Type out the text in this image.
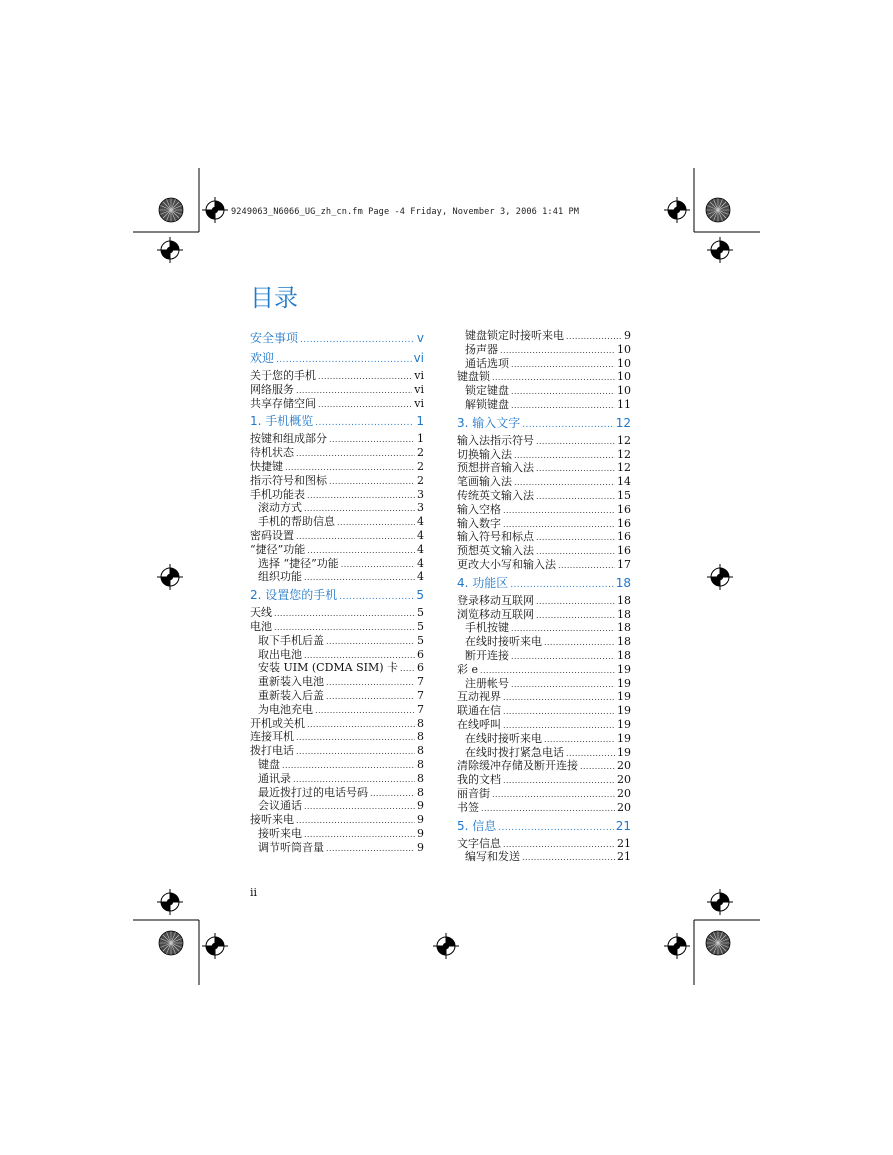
9249063_N6066_UG_zh_cn.fm Page -4 Friday, November 3, 2006 1:41 PM
目录
安全事项 .....	v
欢迎 .....	vi
关于您的手机 .....	vi
网络服务 .....	vi
共享存储空间 .....	vi
1. 手机概览 .....	1
按键和组成部分 .....	1
待机状态 .....	2
快捷键 .....	2
指示符号和图标 .....	2
手机功能表 .....	3
滚动方式 .....	3
手机的帮助信息 .....	4
密码设置 .....	4
“捷径”功能 .....	4
选择 “捷径”功能 .....	4
组织功能 .....	4
2. 设置您的手机 .....	5
天线 .....	5
电池 .....	5
取下手机后盖 .....	5
取出电池 .....	6
安装 UIM (CDMA SIM) 卡 ..... 6
重新装入电池 .....	7
重新装入后盖 .....	7
为电池充电 .....	7
开机或关机 .....	8
连接耳机 .....	8
拨打电话 .....	8
键盘 .....	8
通讯录 .....	8
最近拨打过的电话号码 .....	8
会议通话 .....	9
接听来电 .....	9
接听来电 .....	9
调节听筒音量 .....	9
键盘锁定时接听来电 .....	9
扬声器 .....	10
通话选项 .....	10
键盘锁 .....	10
锁定键盘 .....	10
解锁键盘 .....	11
3. 输入文字 .....	12
输入法指示符号 .....	12
切换输入法 .....	12
预想拼音输入法 .....	12
笔画输入法 .....	14
传统英文输入法 .....	15
输入空格 .....	16
输入数字 .....	16
输入符号和标点 .....	16
预想英文输入法 .....	16
更改大小写和输入法 .....	17
4. 功能区 .....	18
登录移动互联网 .....	18
浏览移动互联网 .....	18
手机按键 .....	18
在线时接听来电 .....	18
断开连接 .....	18
彩 e .....	19
注册帐号 .....	19
互动视界 .....	19
联通在信 .....	19
在线呼叫 .....	19
在线时接听来电 .....	19
在线时拨打紧急电话 .....	19
清除缓冲存储及断开连接 .....	20
我的文档 .....	20
丽音街 .....	20
书签 .....	20
5. 信息 .....	21
文字信息 .....	21
编写和发送 .....	21
ii
